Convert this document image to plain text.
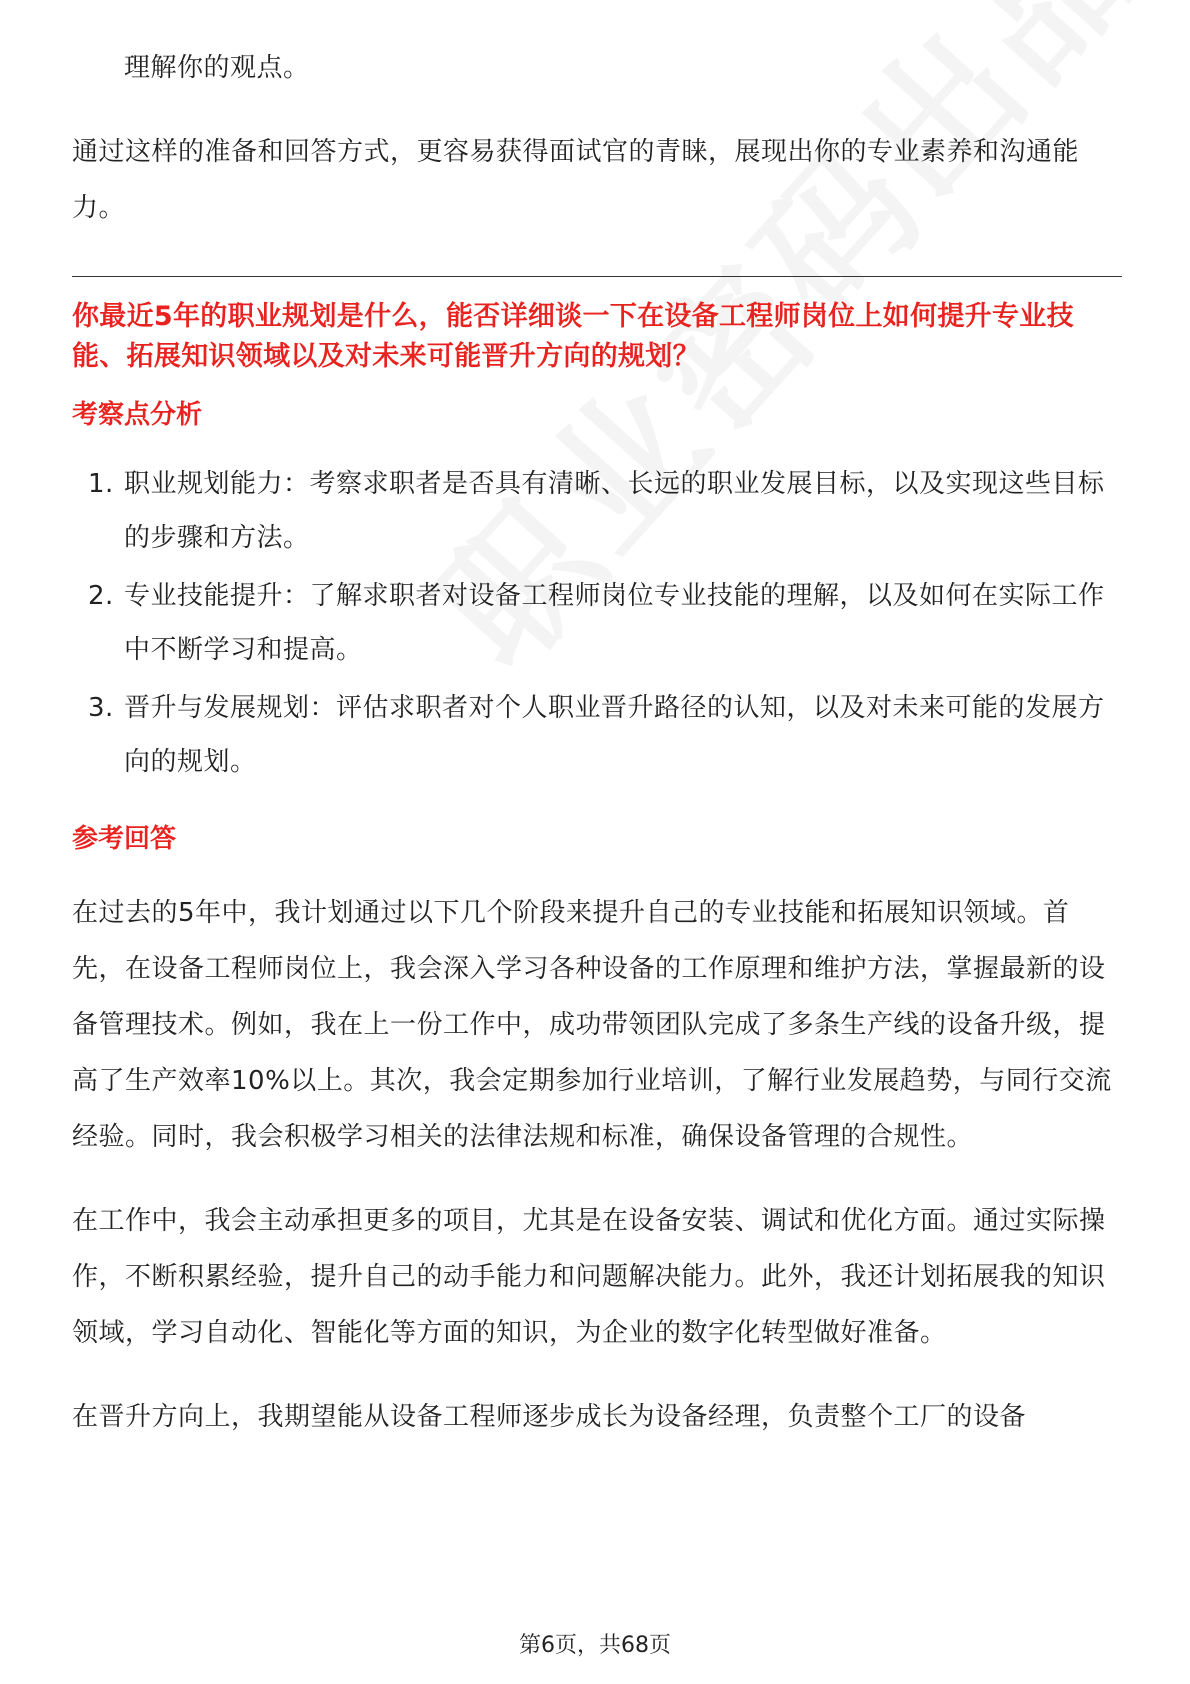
理解你的观点。

通过这样的准备和回答方式，更容易获得面试官的青睐，展现出你的专业素养和沟通能力。

你最近5年的职业规划是什么，能否详细谈一下在设备工程师岗位上如何提升专业技能、拓展知识领域以及对未来可能晋升方向的规划？

考察点分析
1. 职业规划能力：考察求职者是否具有清晰、长远的职业发展目标，以及实现这些目标的步骤和方法。
2. 专业技能提升：了解求职者对设备工程师岗位专业技能的理解，以及如何在实际工作中不断学习和提高。
3. 晋升与发展规划：评估求职者对个人职业晋升路径的认知，以及对未来可能的发展方向的规划。
参考回答

在过去的5年中，我计划通过以下几个阶段来提升自己的专业技能和拓展知识领域。首先，在设备工程师岗位上，我会深入学习各种设备的工作原理和维护方法，掌握最新的设备管理技术。例如，我在上一份工作中，成功带领团队完成了多条生产线的设备升级，提高了生产效率10%以上。其次，我会定期参加行业培训，了解行业发展趋势，与同行交流经验。同时，我会积极学习相关的法律法规和标准，确保设备管理的合规性。

在工作中，我会主动承担更多的项目，尤其是在设备安装、调试和优化方面。通过实际操作，不断积累经验，提升自己的动手能力和问题解决能力。此外，我还计划拓展我的知识领域，学习自动化、智能化等方面的知识，为企业的数字化转型做好准备。

在晋升方向上，我期望能从设备工程师逐步成长为设备经理，负责整个工厂的设备

第6页，共68页
